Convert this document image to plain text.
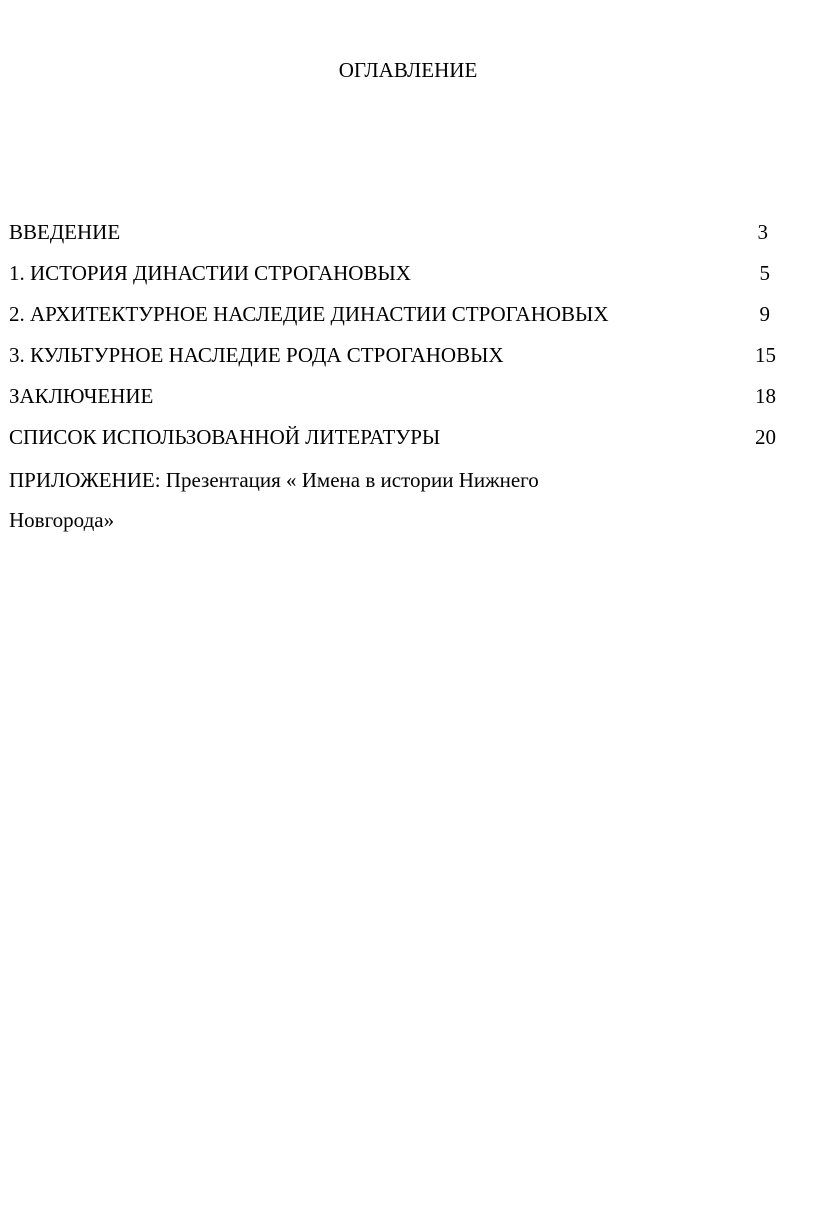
ОГЛАВЛЕНИЕ
ВВЕДЕНИЕ	3
1. ИСТОРИЯ ДИНАСТИИ СТРОГАНОВЫХ	5
2. АРХИТЕКТУРНОЕ НАСЛЕДИЕ ДИНАСТИИ СТРОГАНОВЫХ	9
3. КУЛЬТУРНОЕ НАСЛЕДИЕ РОДА СТРОГАНОВЫХ	15
ЗАКЛЮЧЕНИЕ	18
СПИСОК ИСПОЛЬЗОВАННОЙ ЛИТЕРАТУРЫ	20
ПРИЛОЖЕНИЕ: Презентация « Имена в истории Нижнего Новгорода»
